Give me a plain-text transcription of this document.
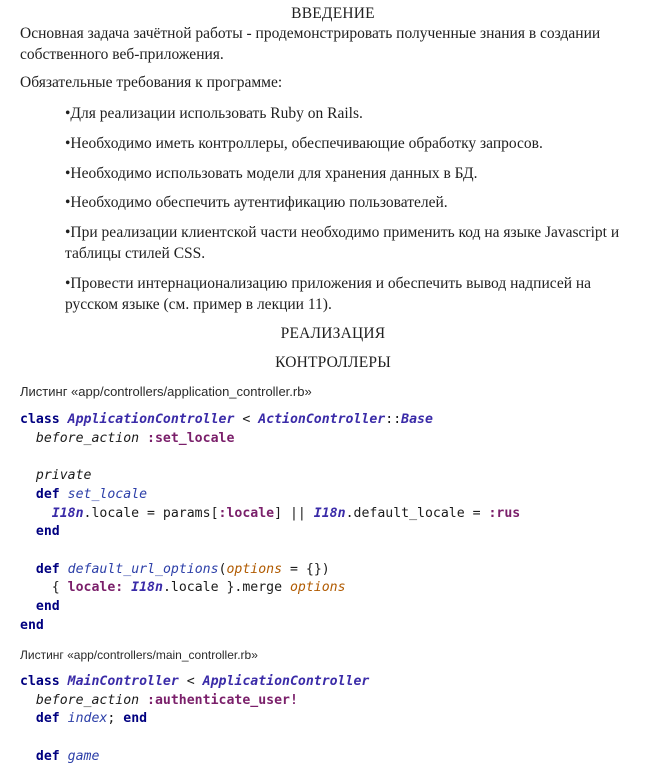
ВВЕДЕНИЕ
Основная задача зачётной работы - продемонстрировать полученные знания в создании собственного веб-приложения.
Обязательные требования к программе:
•Для реализации использовать Ruby on Rails.
•Необходимо иметь контроллеры, обеспечивающие обработку запросов.
•Необходимо использовать модели для хранения данных в БД.
•Необходимо обеспечить аутентификацию пользователей.
•При реализации клиентской части необходимо применить код на языке Javascript и таблицы стилей CSS.
•Провести интернационализацию приложения и обеспечить вывод надписей на русском языке (см. пример в лекции 11).
РЕАЛИЗАЦИЯ
КОНТРОЛЛЕРЫ
Листинг «app/controllers/application_controller.rb»
class ApplicationController < ActionController::Base
before_action :set_locale

private
def set_locale
I18n.locale = params[:locale] || I18n.default_locale = :rus
end

def default_url_options(options = {})
{ locale: I18n.locale }.merge options
end
end
Листинг «app/controllers/main_controller.rb»
class MainController < ApplicationController
before_action :authenticate_user!
def index; end

def game
